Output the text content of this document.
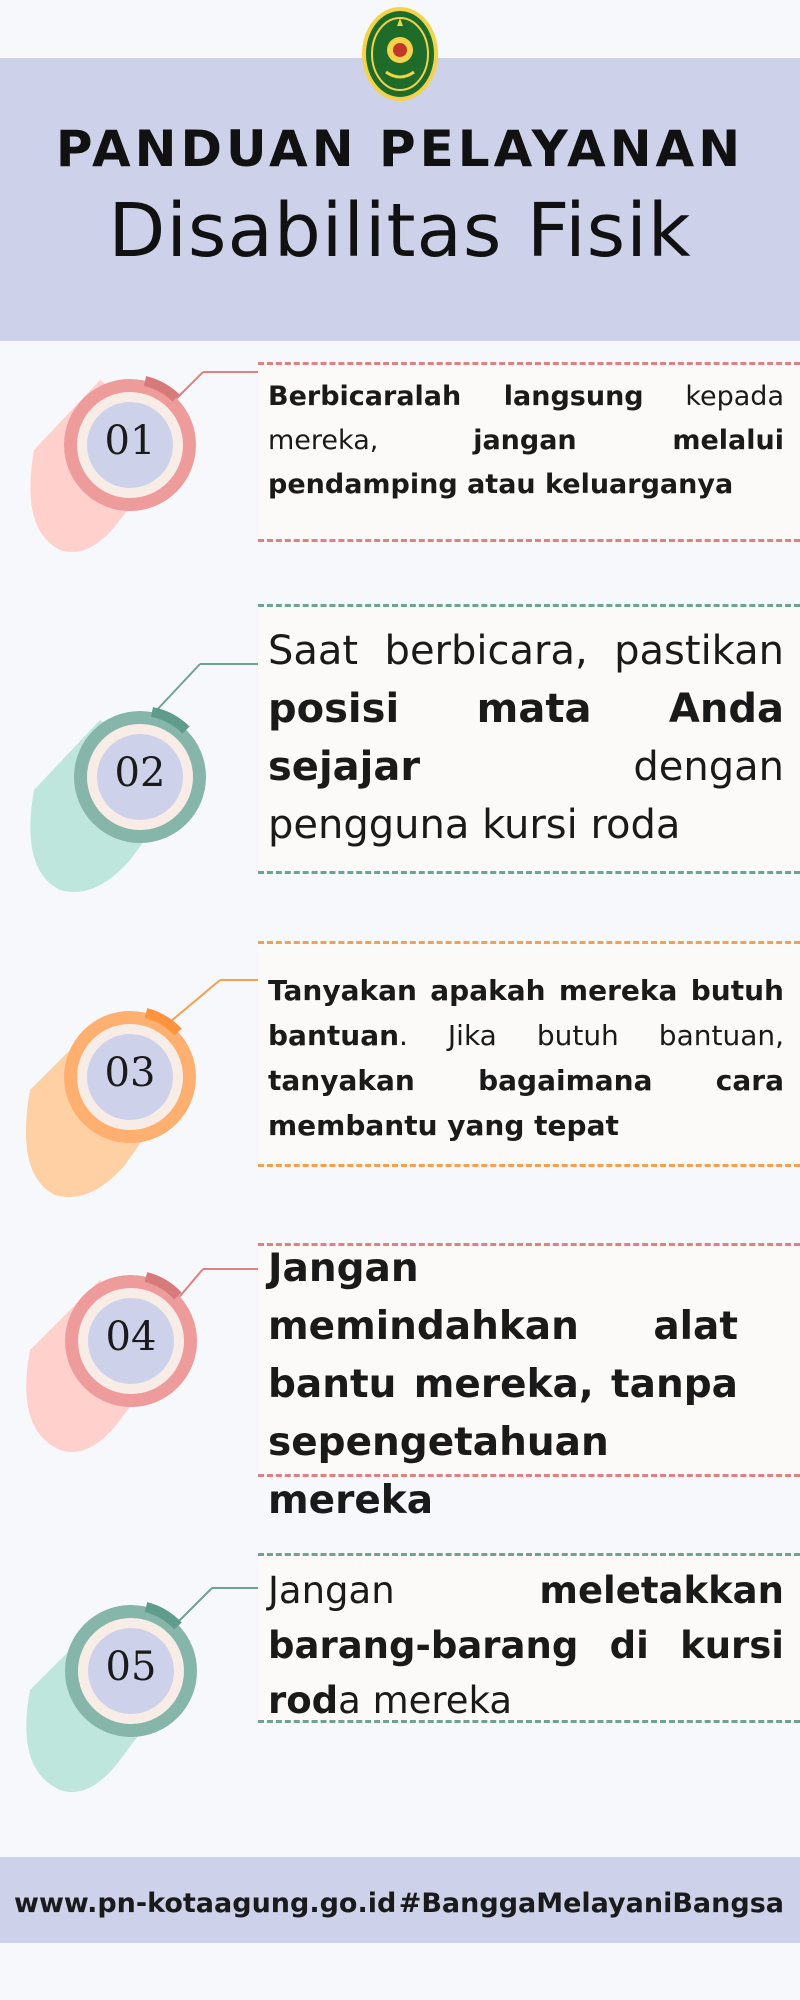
PANDUAN PELAYANAN
Disabilitas Fisik
01
Berbicaralah langsung kepada mereka, jangan melalui pendamping atau keluarganya
02
Saat berbicara, pastikan posisi mata Anda sejajar dengan pengguna kursi roda
03
Tanyakan apakah mereka butuh bantuan. Jika butuh bantuan, tanyakan bagaimana cara membantu yang tepat
04
Jangan memindahkan alat bantu mereka, tanpa sepengetahuan mereka
05
Jangan meletakkan barang-barang di kursi roda mereka
www.pn-kotaagung.go.id #BanggaMelayaniBangsa
